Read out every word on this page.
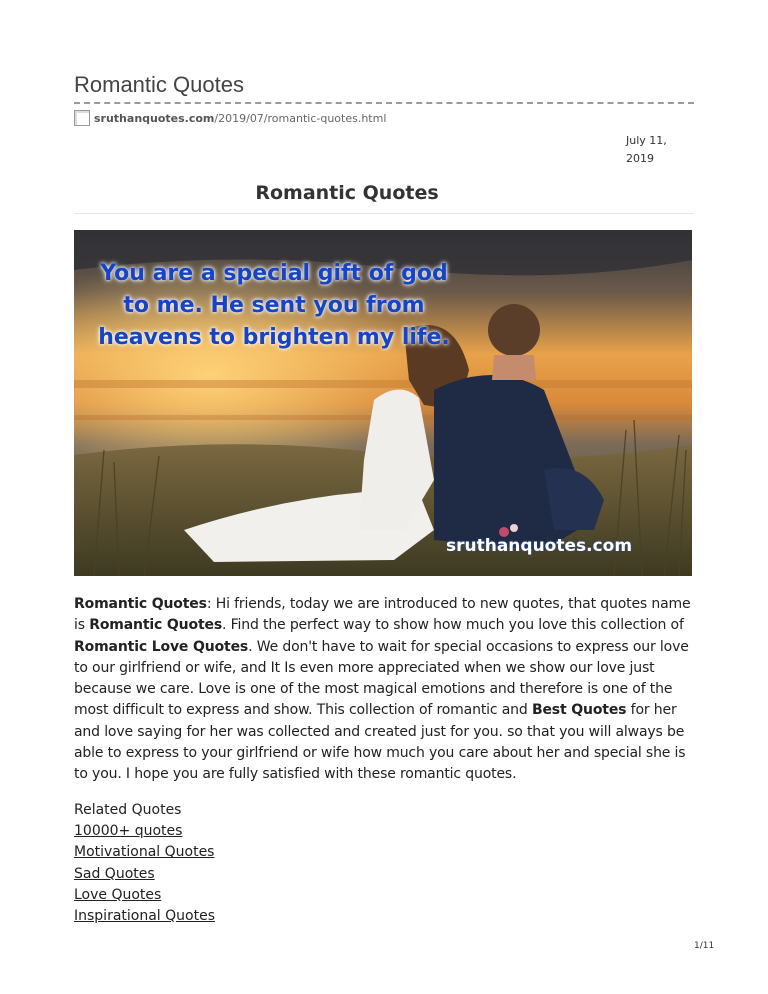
Romantic Quotes
sruthanquotes.com/2019/07/romantic-quotes.html
July 11,
2019
Romantic Quotes
You are a special gift of god
to me. He sent you from
heavens to brighten my life.
sruthanquotes.com
Romantic Quotes: Hi friends, today we are introduced to new quotes, that quotes name is Romantic Quotes. Find the perfect way to show how much you love this collection of Romantic Love Quotes. We don't have to wait for special occasions to express our love to our girlfriend or wife, and It Is even more appreciated when we show our love just because we care. Love is one of the most magical emotions and therefore is one of the most difficult to express and show. This collection of romantic and Best Quotes for her and love saying for her was collected and created just for you. so that you will always be able to express to your girlfriend or wife how much you care about her and special she is to you. I hope you are fully satisfied with these romantic quotes.
Related Quotes
10000+ quotes
Motivational Quotes
Sad Quotes
Love Quotes
Inspirational Quotes
1/11
